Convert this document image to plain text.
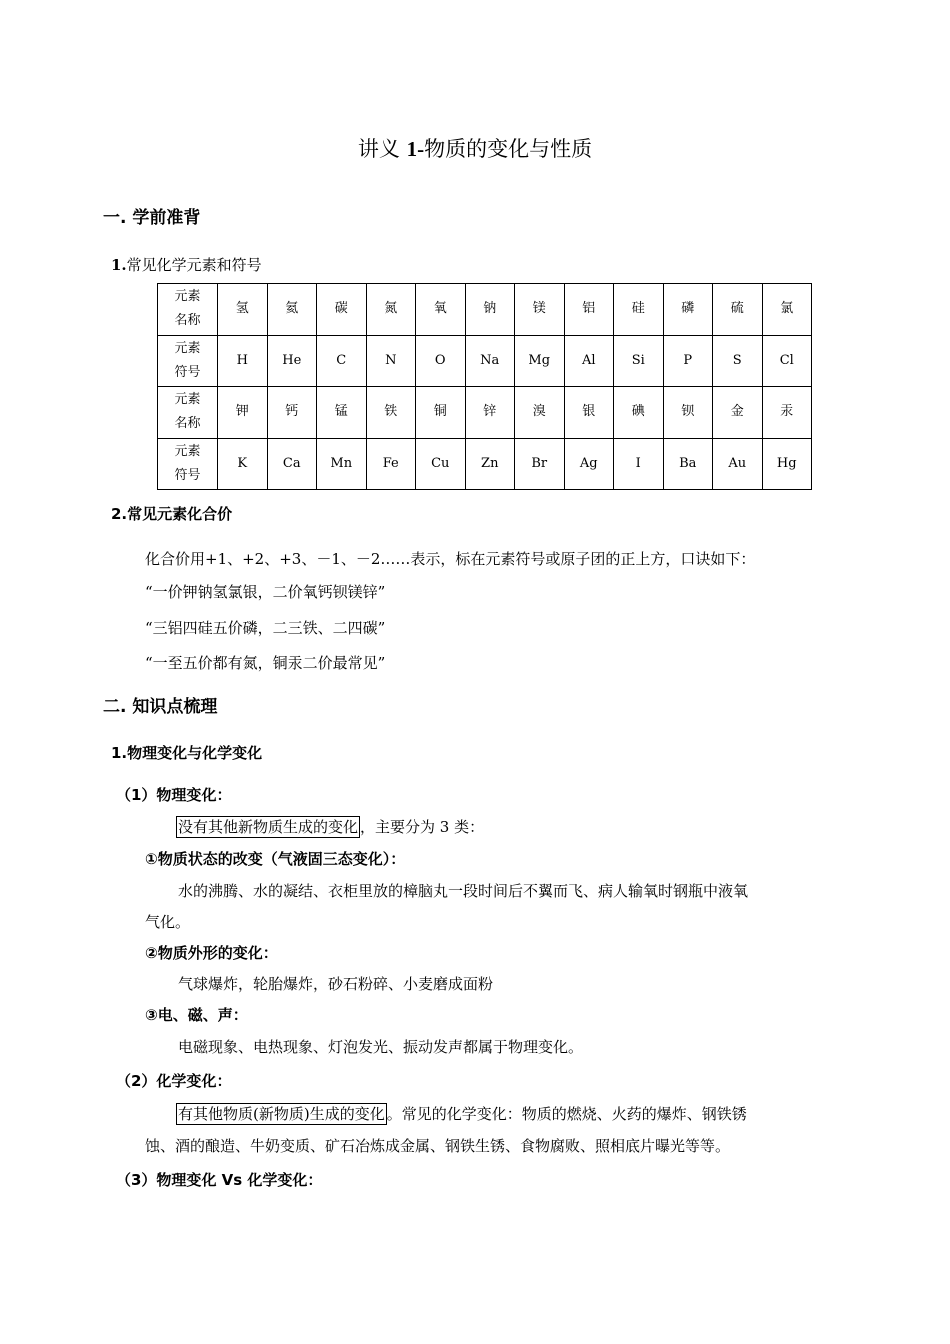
讲义 1-物质的变化与性质
一. 学前准背
1.常见化学元素和符号
元素
名称	氢	氦	碳	氮	氧	钠	镁	铝	硅	磷	硫	氯

元素
符号	H	He	C	N	O	Na	Mg	Al	Si	P	S	Cl

元素
名称	钾	钙	锰	铁	铜	锌	溴	银	碘	钡	金	汞

元素
符号	K	Ca	Mn	Fe	Cu	Zn	Br	Ag	I	Ba	Au	Hg
2.常见元素化合价
化合价用+1、+2、+3、－1、－2……表示，标在元素符号或原子团的正上方，口诀如下：
“一价钾钠氢氯银，二价氧钙钡镁锌”
“三铝四硅五价磷，二三铁、二四碳”
“一至五价都有氮，铜汞二价最常见”
二. 知识点梳理
1.物理变化与化学变化
（1）物理变化：
没有其他新物质生成的变化 ，主要分为 3 类：
①物质状态的改变（气液固三态变化）：
水的沸腾、水的凝结、衣柜里放的樟脑丸一段时间后不翼而飞、病人输氧时钢瓶中液氧
气化。
②物质外形的变化：
气球爆炸，轮胎爆炸，砂石粉碎、小麦磨成面粉
③电、磁、声：
电磁现象、电热现象、灯泡发光、振动发声都属于物理变化。
（2）化学变化：
有其他物质(新物质)生成的变化 。常见的化学变化：物质的燃烧、火药的爆炸、钢铁锈
蚀、酒的酿造、牛奶变质、矿石冶炼成金属、钢铁生锈、食物腐败、照相底片曝光等等。
（3）物理变化 Vs 化学变化：
